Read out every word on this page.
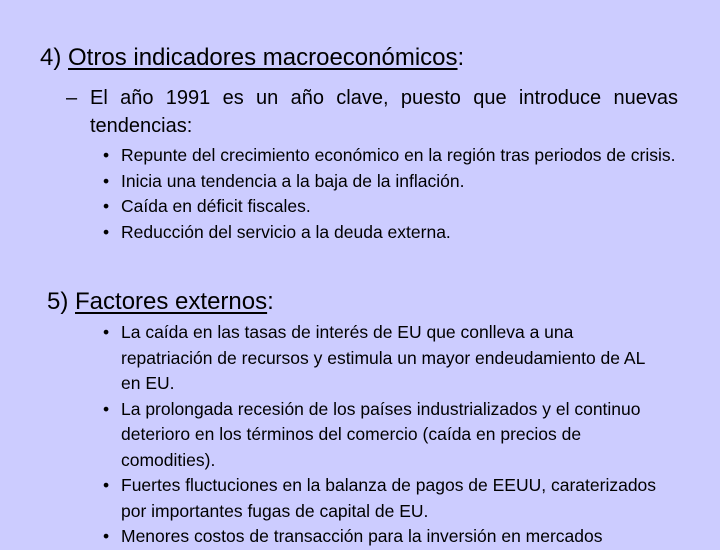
4) Otros indicadores macroeconómicos:
– El año 1991 es un año clave, puesto que introduce nuevas tendencias:
• Repunte del crecimiento económico en la región tras periodos de crisis.
• Inicia una tendencia a la baja de la inflación.
• Caída en déficit fiscales.
• Reducción del servicio a la deuda externa.
5) Factores externos:
• La caída en las tasas de interés de EU que conlleva a una repatriación de recursos y estimula un mayor endeudamiento de AL en EU.
• La prolongada recesión de los países industrializados y el continuo deterioro en los términos del comercio (caída en precios de comodities).
• Fuertes fluctuciones en la balanza de pagos de EEUU, caraterizados por importantes fugas de capital de EU.
• Menores costos de transacción para la inversión en mercados
